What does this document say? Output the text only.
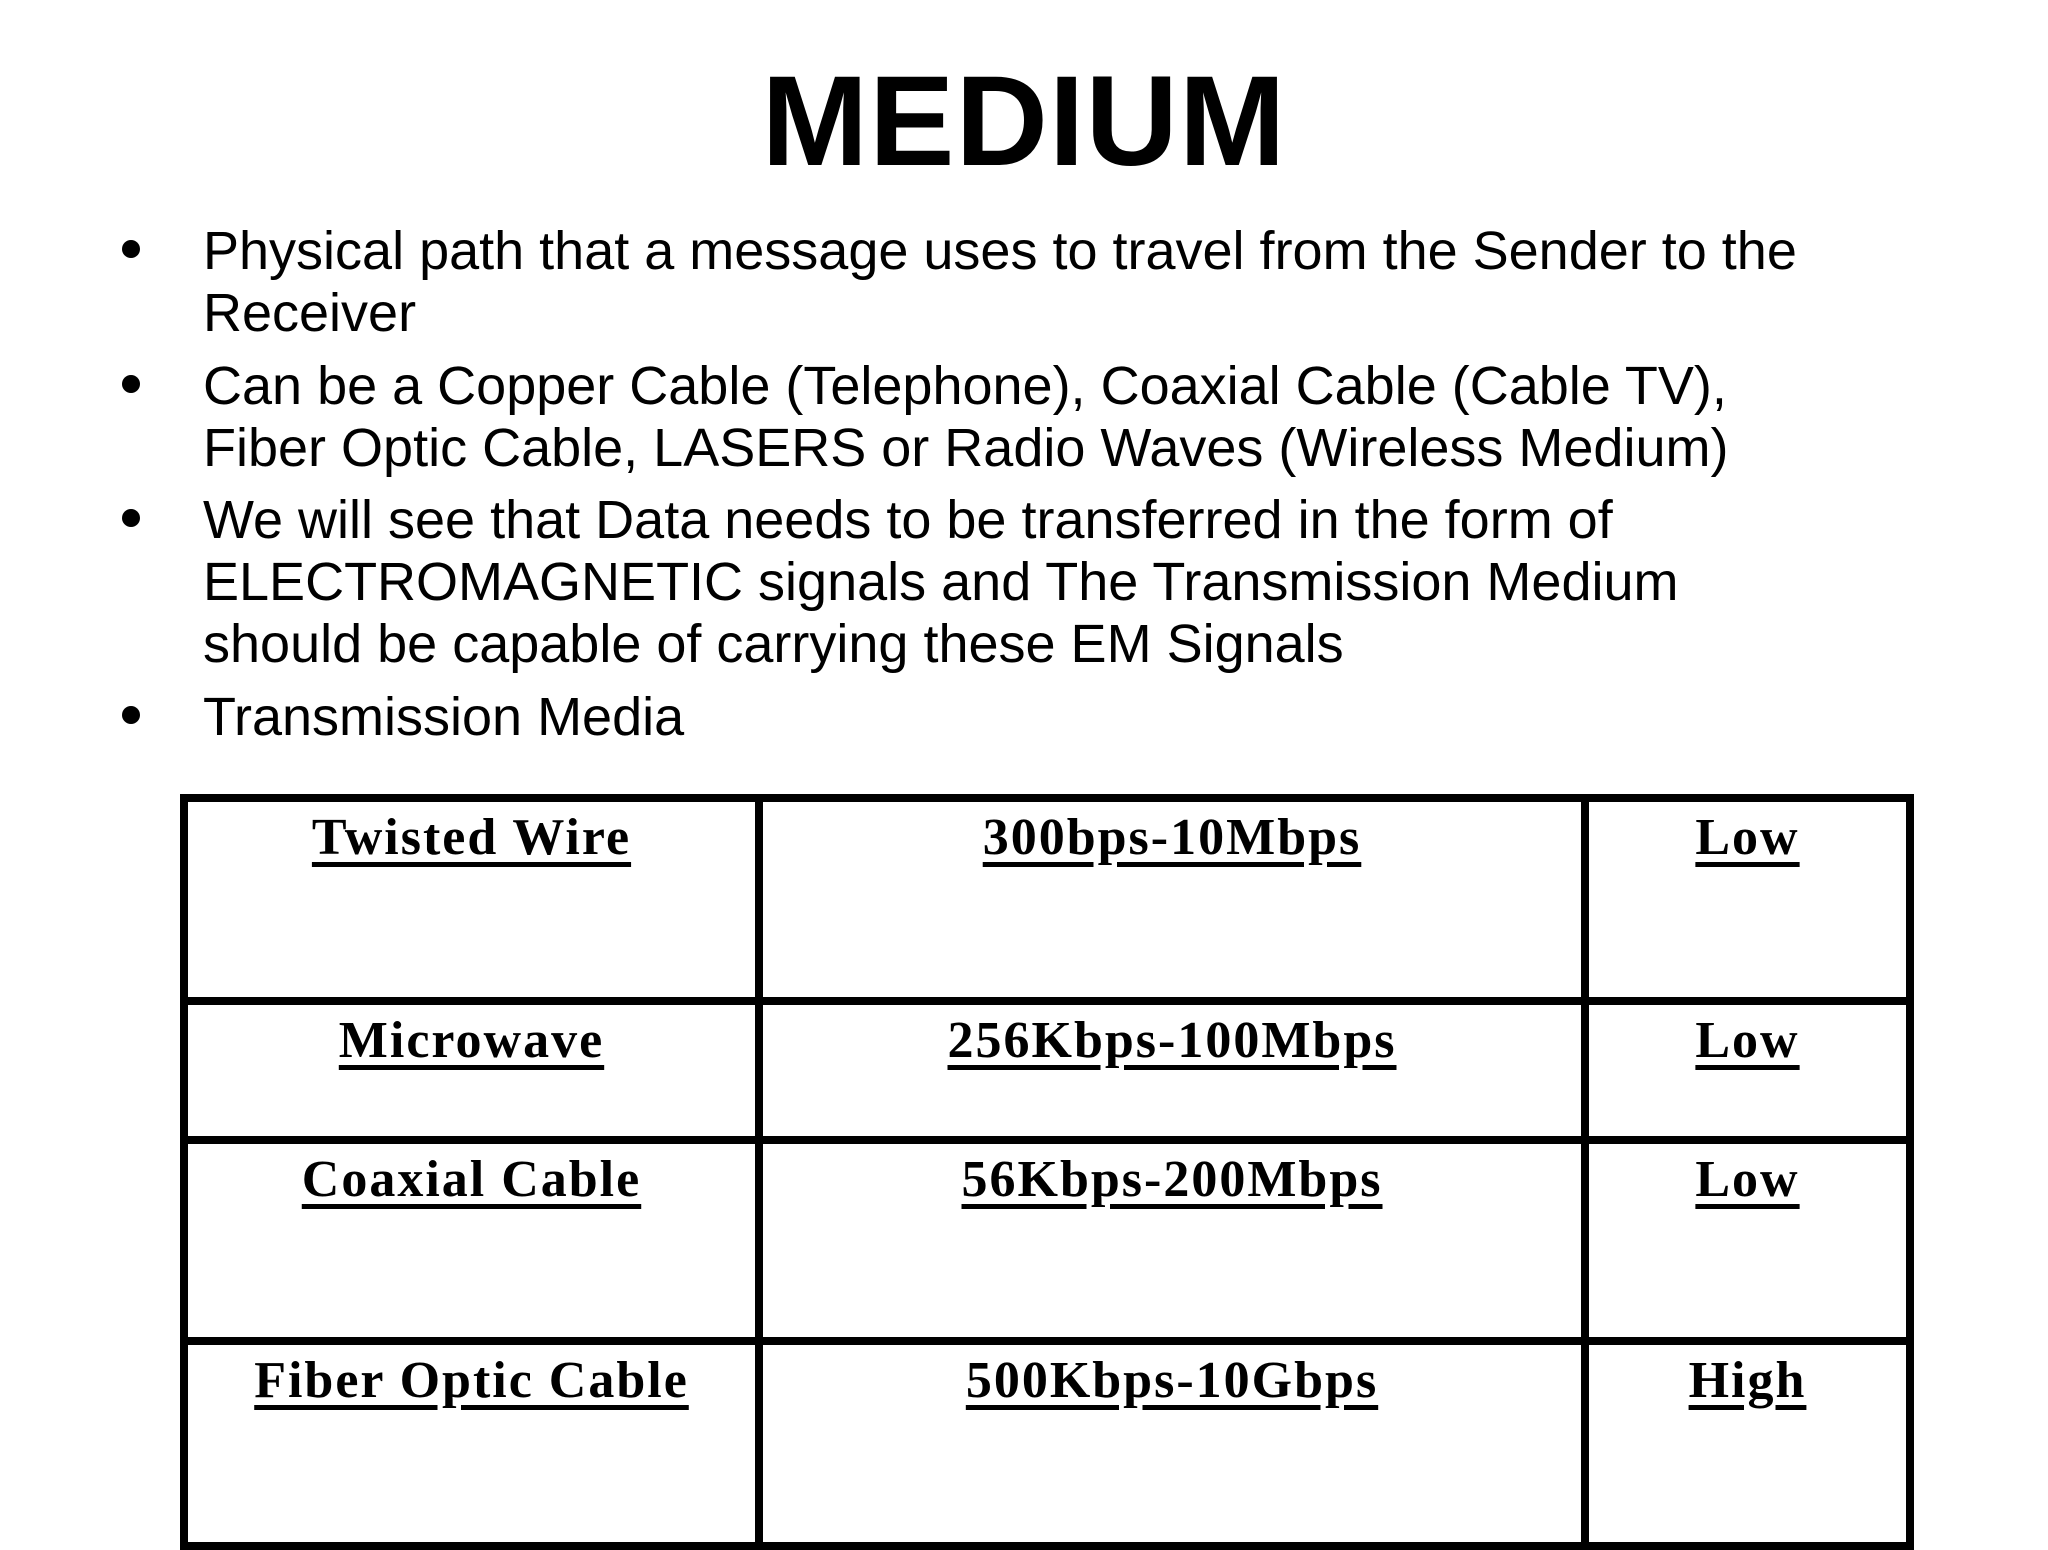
MEDIUM
Physical path that a message uses to travel from the Sender to the
Receiver
Can be a Copper Cable (Telephone), Coaxial Cable (Cable TV),
Fiber Optic Cable, LASERS or Radio Waves (Wireless Medium)
We will see that Data needs to be transferred in the form of
ELECTROMAGNETIC signals and The Transmission Medium
should be capable of carrying these EM Signals
Transmission Media
Twisted Wire	300bps-10Mbps	Low
Microwave	256Kbps-100Mbps	Low
Coaxial Cable	56Kbps-200Mbps	Low
Fiber Optic Cable	500Kbps-10Gbps	High
